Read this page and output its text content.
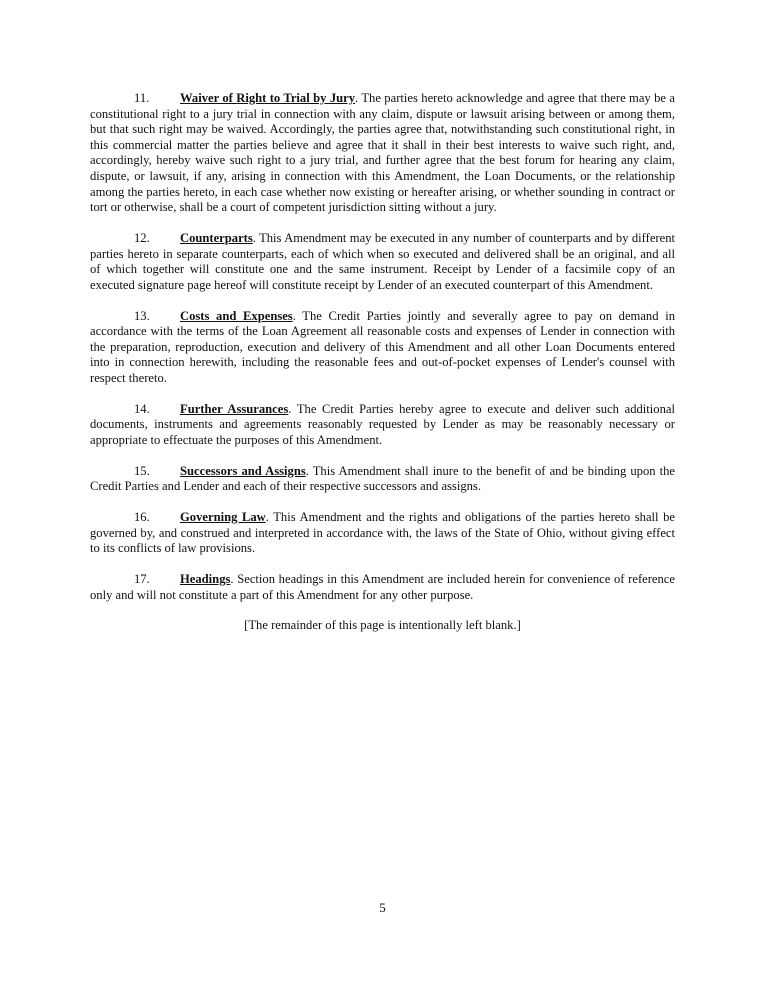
11. Waiver of Right to Trial by Jury. The parties hereto acknowledge and agree that there may be a constitutional right to a jury trial in connection with any claim, dispute or lawsuit arising between or among them, but that such right may be waived. Accordingly, the parties agree that, notwithstanding such constitutional right, in this commercial matter the parties believe and agree that it shall in their best interests to waive such right, and, accordingly, hereby waive such right to a jury trial, and further agree that the best forum for hearing any claim, dispute, or lawsuit, if any, arising in connection with this Amendment, the Loan Documents, or the relationship among the parties hereto, in each case whether now existing or hereafter arising, or whether sounding in contract or tort or otherwise, shall be a court of competent jurisdiction sitting without a jury.

12. Counterparts. This Amendment may be executed in any number of counterparts and by different parties hereto in separate counterparts, each of which when so executed and delivered shall be an original, and all of which together will constitute one and the same instrument. Receipt by Lender of a facsimile copy of an executed signature page hereof will constitute receipt by Lender of an executed counterpart of this Amendment.

13. Costs and Expenses. The Credit Parties jointly and severally agree to pay on demand in accordance with the terms of the Loan Agreement all reasonable costs and expenses of Lender in connection with the preparation, reproduction, execution and delivery of this Amendment and all other Loan Documents entered into in connection herewith, including the reasonable fees and out-of-pocket expenses of Lender's counsel with respect thereto.

14. Further Assurances. The Credit Parties hereby agree to execute and deliver such additional documents, instruments and agreements reasonably requested by Lender as may be reasonably necessary or appropriate to effectuate the purposes of this Amendment.

15. Successors and Assigns. This Amendment shall inure to the benefit of and be binding upon the Credit Parties and Lender and each of their respective successors and assigns.

16. Governing Law. This Amendment and the rights and obligations of the parties hereto shall be governed by, and construed and interpreted in accordance with, the laws of the State of Ohio, without giving effect to its conflicts of law provisions.

17. Headings. Section headings in this Amendment are included herein for convenience of reference only and will not constitute a part of this Amendment for any other purpose.

[The remainder of this page is intentionally left blank.]

5
